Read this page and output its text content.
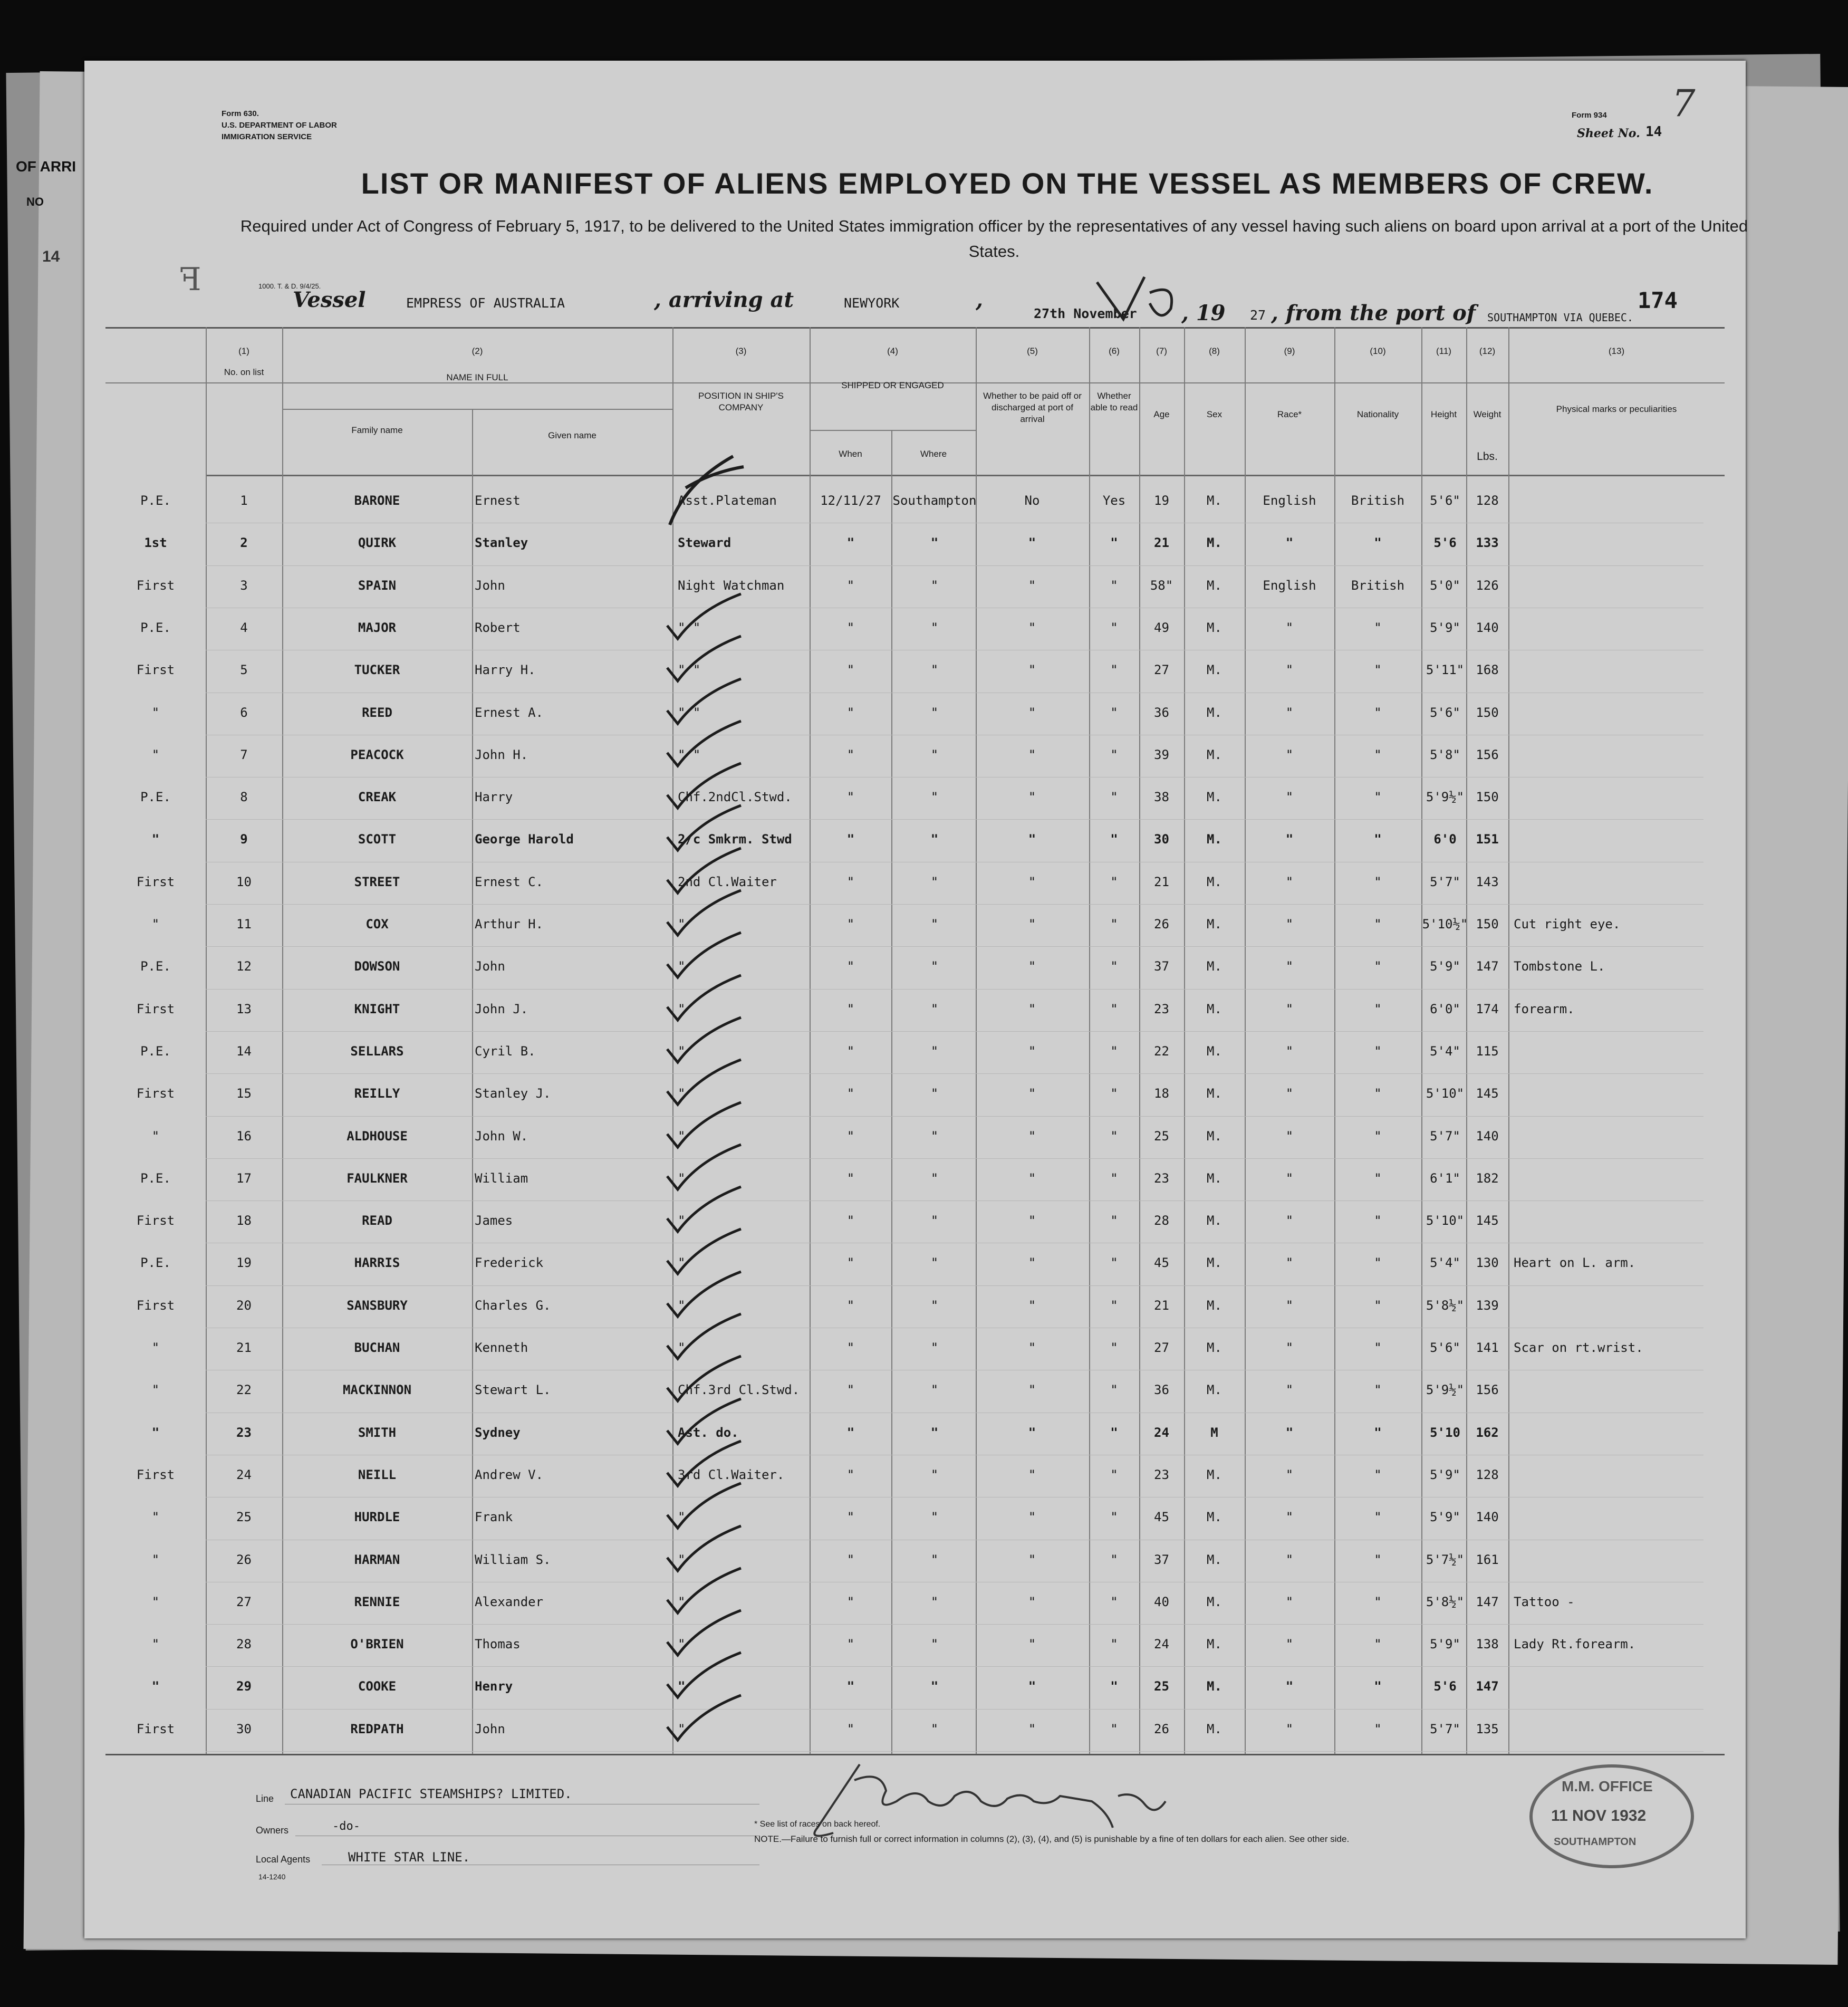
OF ARRI
NO
14
Form 630.
U.S. DEPARTMENT OF LABOR
IMMIGRATION SERVICE
Form 934
Sheet No. 14
7
LIST OR MANIFEST OF ALIENS EMPLOYED ON THE VESSEL AS MEMBERS OF CREW.
Required under Act of Congress of February 5, 1917, to be delivered to the United States immigration officer by the representatives of any vessel having such aliens on board upon arrival at a port of the United States.
1000. T. & D. 9/4/25.
ꟻ
Vessel	EMPRESS OF AUSTRALIA	, arriving at	NEWYORK	,
27th November , 19 27 , from the port of SOUTHAMPTON VIA QUEBEC.
174
(1)
No. on list
(2)
NAME IN FULL
Family name
Given name
(3)
POSITION IN SHIP'S COMPANY
(4)
SHIPPED OR ENGAGED
When	Where
(5)
Whether to be paid off or discharged at port of arrival
(6)
Whether able to read
(7)
Age
(8)
Sex
(9)
Race*
(10)
Nationality
(11)
Height
(12)
Weight
Lbs.
(13)
Physical marks or peculiarities
P.E.	1	BARONE	Ernest	Asst.Plateman	12/11/27 Southampton	No	Yes	19	M.	English	British	5'6"	128
1st	2	QUIRK	Stanley	Steward	"	"	"	"	21	M.	"	"	5'6	133
First	3	SPAIN	John	Night Watchman	"	"	"	"	58"	M.	English	British	5'0"	126
P.E.	4	MAJOR	Robert	" "	"	"	"	"	49	M.	"	"	5'9"	140
First	5	TUCKER	Harry H.	" "	"	"	"	"	27	M.	"	"	5'11" 168
"	6	REED	Ernest A.	" "	"	"	"	"	36	M.	"	"	5'6"	150
"	7	PEACOCK	John H.	" "	"	"	"	"	39	M.	"	"	5'8"	156
P.E.	8	CREAK	Harry	Chf.2ndCl.Stwd.	"	"	"	"	38	M.	"	"	5'9½" 150
"	9	SCOTT	George Harold	2/c Smkrm. Stwd	"	"	"	"	30	M.	"	"	6'0	151
First	10	STREET	Ernest C.	2nd Cl.Waiter	"	"	"	"	21	M.	"	"	5'7"	143
"	11	COX	Arthur H.	"	"	"	"	"	26	M.	"	"	5'10½" 150	Cut right eye.
P.E.	12	DOWSON	John	"	"	"	"	"	37	M.	"	"	5'9"	147	Tombstone L.
First	13	KNIGHT	John J.	"	"	"	"	"	23	M.	"	"	6'0"	174	forearm.
P.E.	14	SELLARS	Cyril B.	"	"	"	"	"	22	M.	"	"	5'4"	115
First	15	REILLY	Stanley J.	"	"	"	"	"	18	M.	"	"	5'10" 145
"	16	ALDHOUSE	John W.	"	"	"	"	"	25	M.	"	"	5'7"	140
P.E.	17	FAULKNER	William	"	"	"	"	"	23	M.	"	"	6'1"	182
First	18	READ	James	"	"	"	"	"	28	M.	"	"	5'10" 145
P.E.	19	HARRIS	Frederick	"	"	"	"	"	45	M.	"	"	5'4"	130	Heart on L. arm.
First	20	SANSBURY	Charles G.	"	"	"	"	"	21	M.	"	"	5'8½" 139
"	21	BUCHAN	Kenneth	"	"	"	"	"	27	M.	"	"	5'6"	141	Scar on rt.wrist.
"	22	MACKINNON	Stewart L.	Chf.3rd Cl.Stwd.	"	"	"	"	36	M.	"	"	5'9½" 156
"	23	SMITH	Sydney	Ast. do.	"	"	"	"	24	M	"	"	5'10	162
First	24	NEILL	Andrew V.	3rd Cl.Waiter.	"	"	"	"	23	M.	"	"	5'9"	128
"	25	HURDLE	Frank	"	"	"	"	"	45	M.	"	"	5'9"	140
"	26	HARMAN	William S.	"	"	"	"	"	37	M.	"	"	5'7½" 161
"	27	RENNIE	Alexander	"	"	"	"	"	40	M.	"	"	5'8½" 147	Tattoo -
"	28	O'BRIEN	Thomas	"	"	"	"	"	24	M.	"	"	5'9"	138	Lady Rt.forearm.
"	29	COOKE	Henry	"	"	"	"	"	25	M.	"	"	5'6	147
First	30	REDPATH	John	"	"	"	"	"	26	M.	"	"	5'7"	135
Line CANADIAN PACIFIC STEAMSHIPS? LIMITED.
Owners	-do-
Local Agents	WHITE STAR LINE.
14-1240
* See list of races on back hereof.
NOTE.—Failure to furnish full or correct information in columns (2), (3), (4), and (5) is punishable by a fine of ten dollars for each alien. See other side.
M.M. OFFICE
11 NOV 1932
SOUTHAMPTON
